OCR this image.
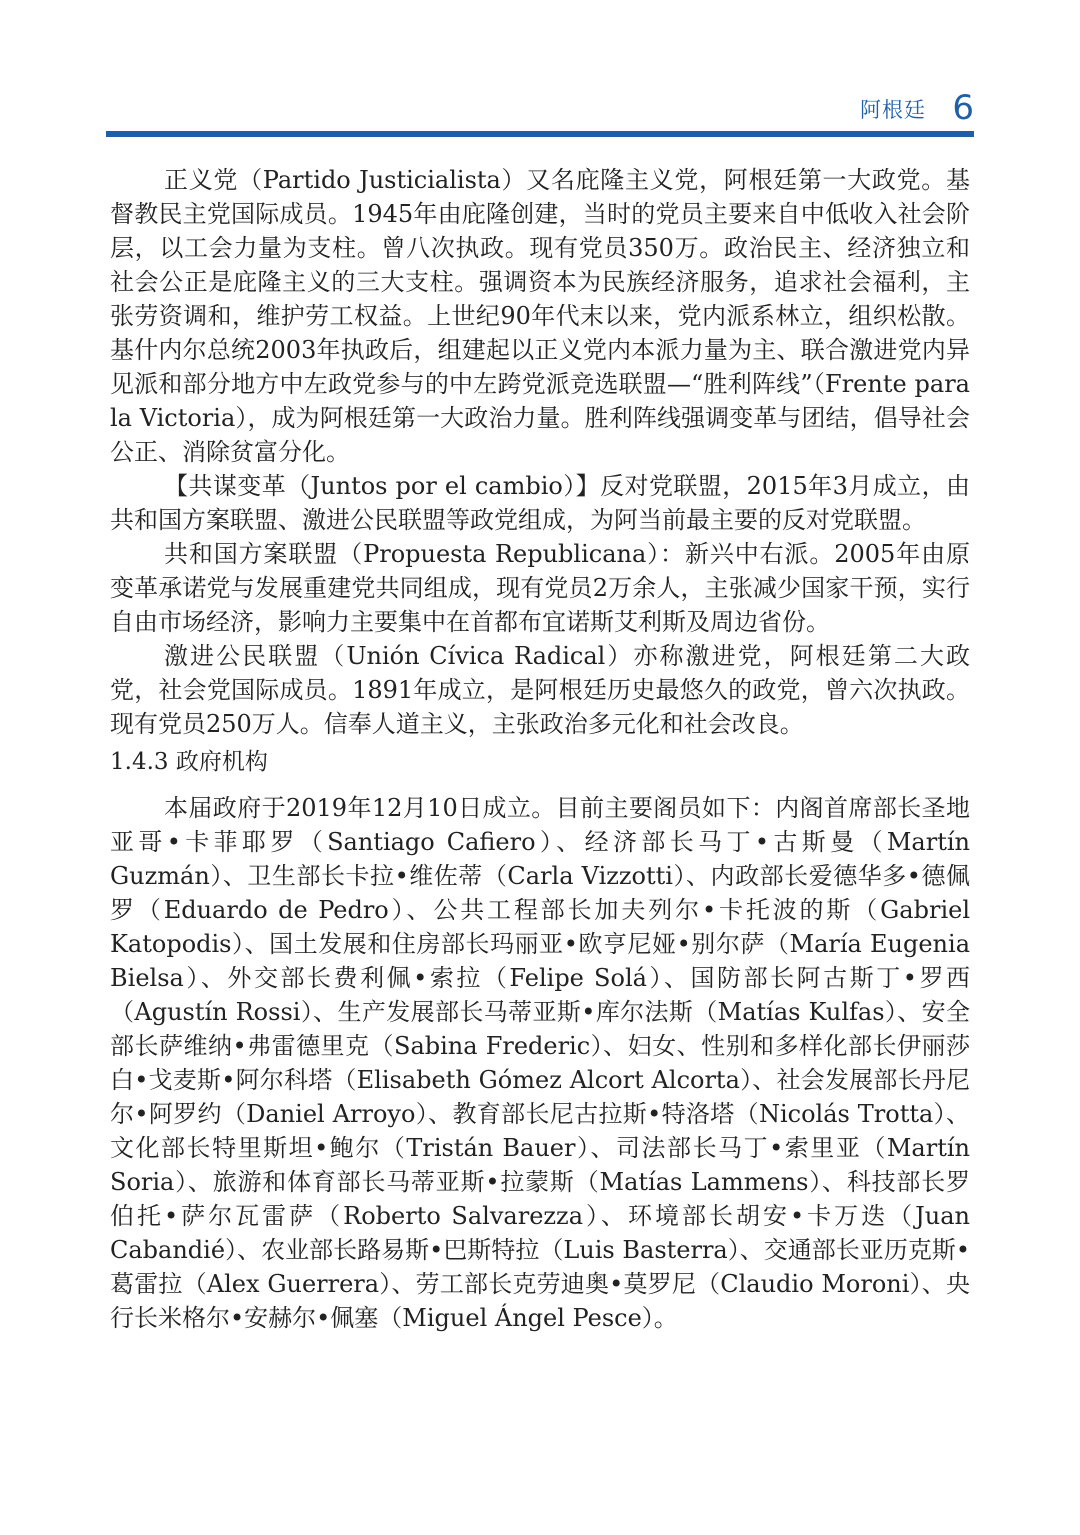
阿根廷 6

正义党（Partido Justicialista）又名庇隆主义党，阿根廷第一大政党。基督教民主党国际成员。1945年由庇隆创建，当时的党员主要来自中低收入社会阶层，以工会力量为支柱。曾八次执政。现有党员350万。政治民主、经济独立和社会公正是庇隆主义的三大支柱。强调资本为民族经济服务，追求社会福利，主张劳资调和，维护劳工权益。上世纪90年代末以来，党内派系林立，组织松散。基什内尔总统2003年执政后，组建起以正义党内本派力量为主、联合激进党内异见派和部分地方中左政党参与的中左跨党派竞选联盟—“胜利阵线”（Frente para la Victoria），成为阿根廷第一大政治力量。胜利阵线强调变革与团结，倡导社会公正、消除贫富分化。

【共谋变革（Juntos por el cambio）】反对党联盟，2015年3月成立，由共和国方案联盟、激进公民联盟等政党组成，为阿当前最主要的反对党联盟。

共和国方案联盟（Propuesta Republicana）：新兴中右派。2005年由原变革承诺党与发展重建党共同组成，现有党员2万余人，主张减少国家干预，实行自由市场经济，影响力主要集中在首都布宜诺斯艾利斯及周边省份。

激进公民联盟（Unión Cívica Radical）亦称激进党，阿根廷第二大政党，社会党国际成员。1891年成立，是阿根廷历史最悠久的政党，曾六次执政。现有党员250万人。信奉人道主义，主张政治多元化和社会改良。

1.4.3 政府机构

本届政府于2019年12月10日成立。目前主要阁员如下：内阁首席部长圣地亚哥•卡菲耶罗（Santiago Cafiero）、经济部长马丁•古斯曼（Martín Guzmán）、卫生部长卡拉•维佐蒂（Carla Vizzotti）、内政部长爱德华多•德佩罗（Eduardo de Pedro）、公共工程部长加夫列尔•卡托波的斯（Gabriel Katopodis）、国土发展和住房部长玛丽亚•欧亨尼娅•别尔萨（María Eugenia Bielsa）、外交部长费利佩•索拉（Felipe Solá）、国防部长阿古斯丁•罗西（Agustín Rossi）、生产发展部长马蒂亚斯•库尔法斯（Matías Kulfas）、安全部长萨维纳•弗雷德里克（Sabina Frederic）、妇女、性别和多样化部长伊丽莎白•戈麦斯•阿尔科塔（Elisabeth Gómez Alcort Alcorta）、社会发展部长丹尼尔•阿罗约（Daniel Arroyo）、教育部长尼古拉斯•特洛塔（Nicolás Trotta）、文化部长特里斯坦•鲍尔（Tristán Bauer）、司法部长马丁•索里亚（Martín Soria）、旅游和体育部长马蒂亚斯•拉蒙斯（Matías Lammens）、科技部长罗伯托•萨尔瓦雷萨（Roberto Salvarezza）、环境部长胡安•卡万迭（Juan Cabandié）、农业部长路易斯•巴斯特拉（Luis Basterra）、交通部长亚历克斯•葛雷拉（Alex Guerrera）、劳工部长克劳迪奥•莫罗尼（Claudio Moroni）、央行长米格尔•安赫尔•佩塞（Miguel Ángel Pesce）。
